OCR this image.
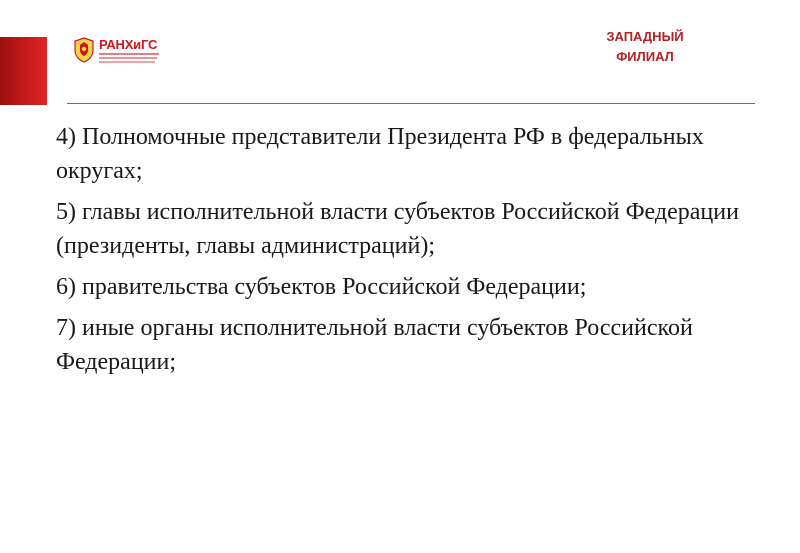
РАНХиГС	ЗАПАДНЫЙ
ФИЛИАЛ

4) Полномочные представители Президента РФ в федеральных округах;

5) главы исполнительной власти субъектов Российской Федерации (президенты, главы администраций);

6) правительства субъектов Российской Федерации;

7) иные органы исполнительной власти субъектов Российской Федерации;
